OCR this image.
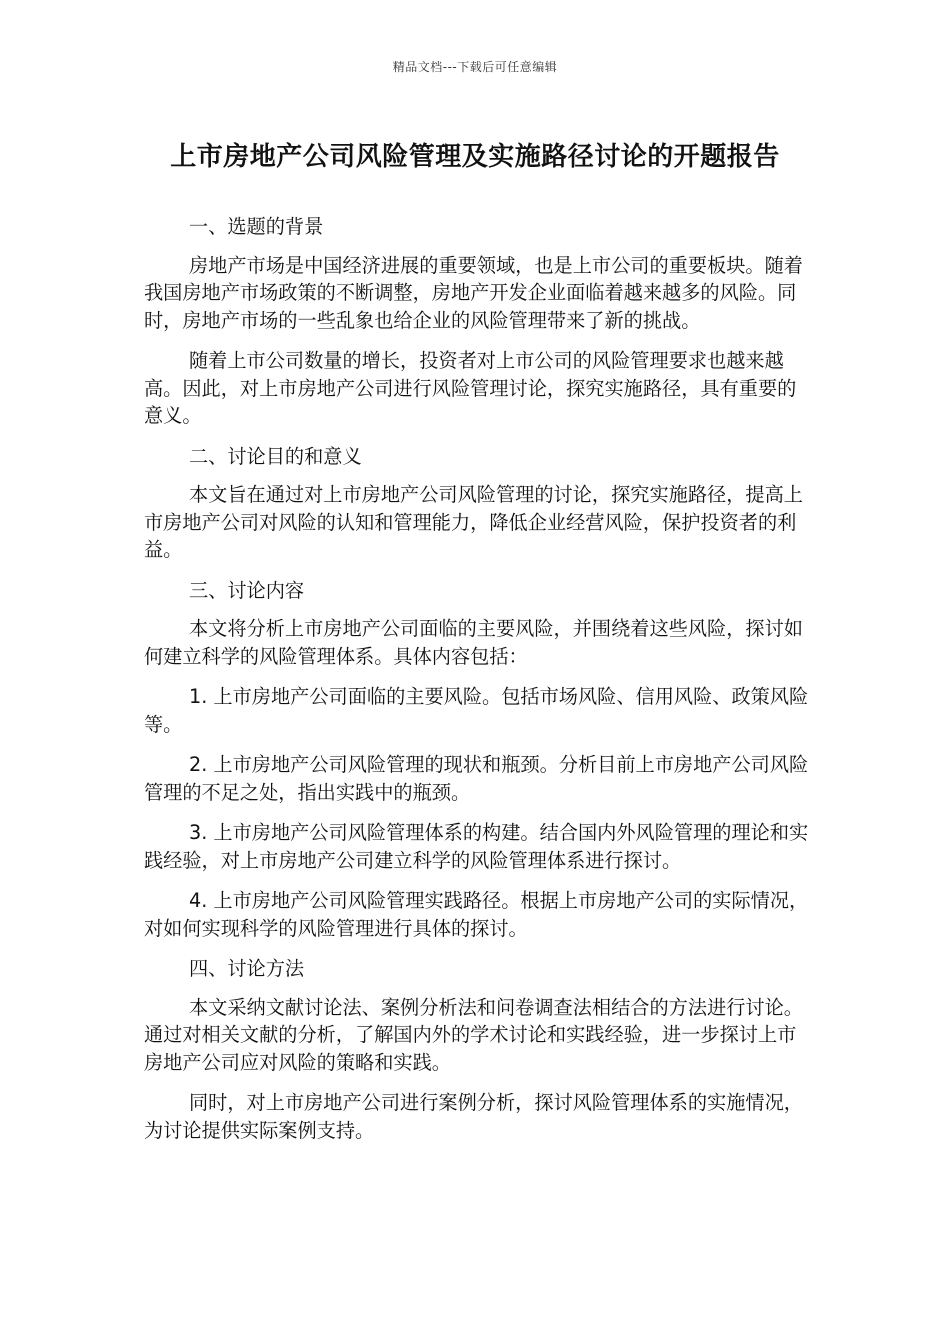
精品文档---下载后可任意编辑
上市房地产公司风险管理及实施路径讨论的开题报告

一、选题的背景

房地产市场是中国经济进展的重要领域，也是上市公司的重要板块。随着我国房地产市场政策的不断调整，房地产开发企业面临着越来越多的风险。同时，房地产市场的一些乱象也给企业的风险管理带来了新的挑战。

随着上市公司数量的增长，投资者对上市公司的风险管理要求也越来越高。因此，对上市房地产公司进行风险管理讨论，探究实施路径，具有重要的意义。

二、讨论目的和意义

本文旨在通过对上市房地产公司风险管理的讨论，探究实施路径，提高上市房地产公司对风险的认知和管理能力，降低企业经营风险，保护投资者的利益。

三、讨论内容

本文将分析上市房地产公司面临的主要风险，并围绕着这些风险，探讨如何建立科学的风险管理体系。具体内容包括：

1. 上市房地产公司面临的主要风险。包括市场风险、信用风险、政策风险等。

2. 上市房地产公司风险管理的现状和瓶颈。分析目前上市房地产公司风险管理的不足之处，指出实践中的瓶颈。

3. 上市房地产公司风险管理体系的构建。结合国内外风险管理的理论和实践经验，对上市房地产公司建立科学的风险管理体系进行探讨。

4. 上市房地产公司风险管理实践路径。根据上市房地产公司的实际情况，对如何实现科学的风险管理进行具体的探讨。

四、讨论方法

本文采纳文献讨论法、案例分析法和问卷调查法相结合的方法进行讨论。通过对相关文献的分析，了解国内外的学术讨论和实践经验，进一步探讨上市房地产公司应对风险的策略和实践。

同时，对上市房地产公司进行案例分析，探讨风险管理体系的实施情况，为讨论提供实际案例支持。
